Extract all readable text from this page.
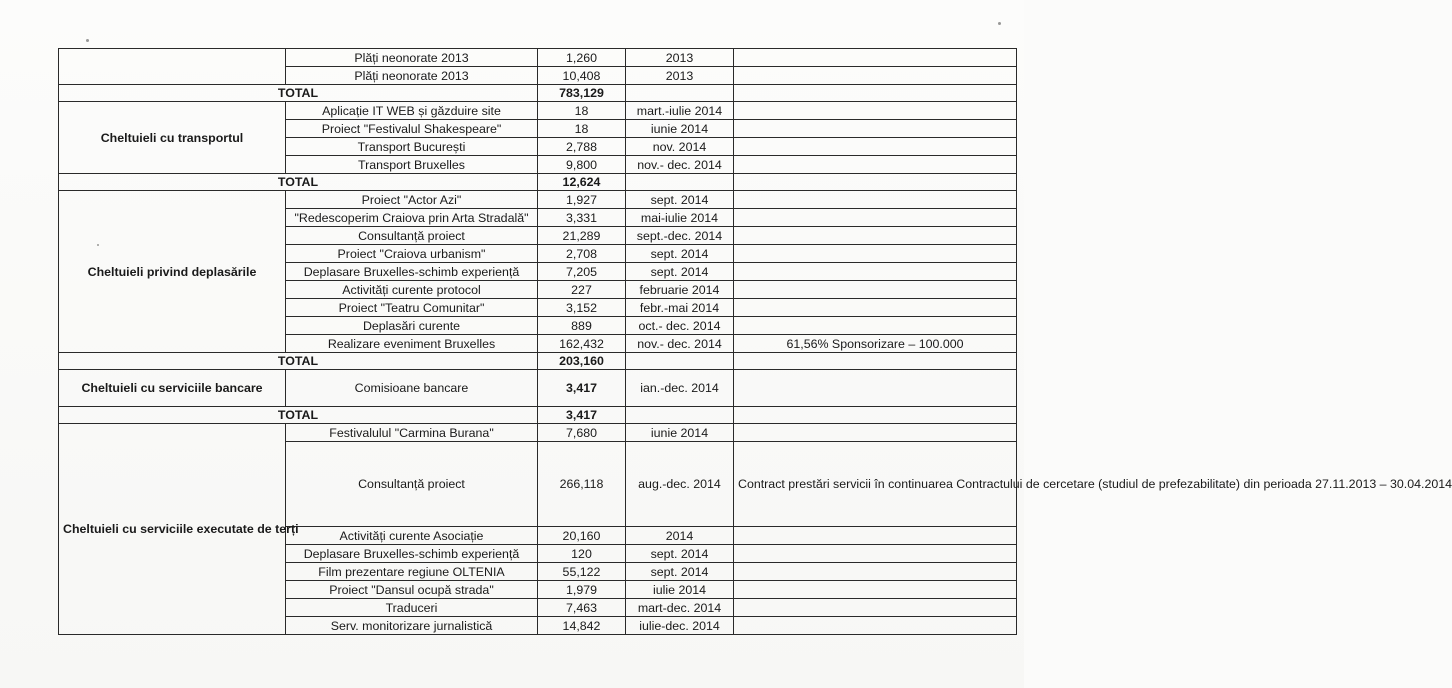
	Plăți neonorate 2013	1,260	2013	
	Plăți neonorate 2013	10,408	2013	
TOTAL		783,129		
Cheltuieli cu transportul	Aplicație IT WEB și găzduire site	18	mart.-iulie 2014	
	Proiect "Festivalul Shakespeare"	18	iunie 2014	
	Transport București	2,788	nov. 2014	
	Transport Bruxelles	9,800	nov.- dec. 2014	
TOTAL		12,624		
Cheltuieli privind deplasările	Proiect "Actor Azi"	1,927	sept. 2014	
	"Redescoperim Craiova prin Arta Stradală"	3,331	mai-iulie 2014	
	Consultanță proiect	21,289	sept.-dec. 2014	
	Proiect "Craiova urbanism"	2,708	sept. 2014	
	Deplasare Bruxelles-schimb experiență	7,205	sept. 2014	
	Activități curente protocol	227	februarie 2014	
	Proiect "Teatru Comunitar"	3,152	febr.-mai 2014	
	Deplasări curente	889	oct.- dec. 2014	
	Realizare eveniment Bruxelles	162,432	nov.- dec. 2014	61,56% Sponsorizare – 100.000
TOTAL		203,160		
Cheltuieli cu serviciile bancare	Comisioane bancare	3,417	ian.-dec. 2014	
TOTAL		3,417		
Cheltuieli cu serviciile executate de terți	Festivalulul "Carmina Burana"	7,680	iunie 2014	
	Consultanță proiect	266,118	aug.-dec. 2014	Contract prestări servicii în continuarea Contractului de cercetare (studiul de prefezabilitate) din perioada 27.11.2013 – 30.04.2014
	Activități curente Asociație	20,160	2014	
	Deplasare Bruxelles-schimb experiență	120	sept. 2014	
	Film prezentare regiune OLTENIA	55,122	sept. 2014	
	Proiect "Dansul ocupă strada"	1,979	iulie 2014	
	Traduceri	7,463	mart-dec. 2014	
	Serv. monitorizare jurnalistică	14,842	iulie-dec. 2014	
